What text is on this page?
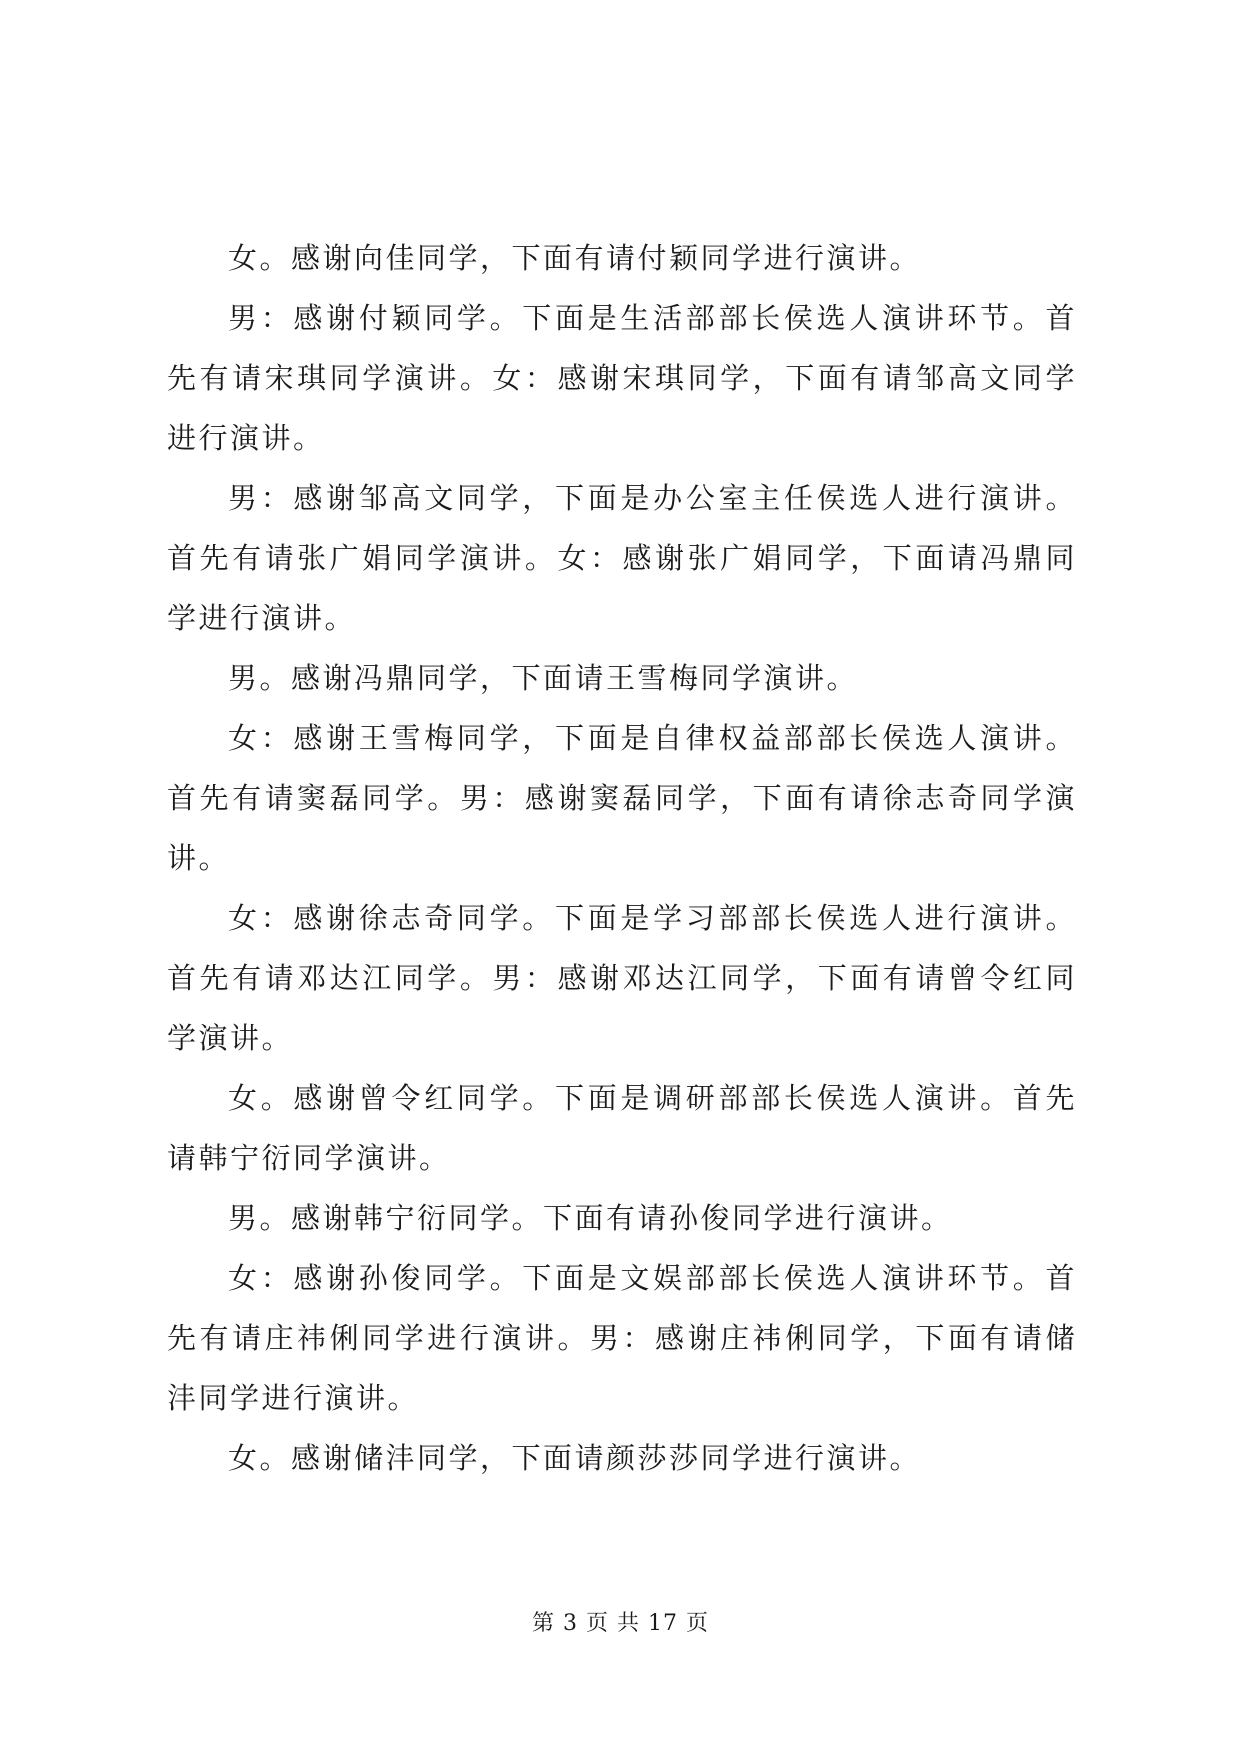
女。感谢向佳同学，下面有请付颖同学进行演讲。

男：感谢付颖同学。下面是生活部部长侯选人演讲环节。首先有请宋琪同学演讲。女：感谢宋琪同学，下面有请邹高文同学进行演讲。

男：感谢邹高文同学，下面是办公室主任侯选人进行演讲。首先有请张广娟同学演讲。女：感谢张广娟同学，下面请冯鼎同学进行演讲。

男。感谢冯鼎同学，下面请王雪梅同学演讲。

女：感谢王雪梅同学，下面是自律权益部部长侯选人演讲。首先有请窦磊同学。男：感谢窦磊同学，下面有请徐志奇同学演讲。

女：感谢徐志奇同学。下面是学习部部长侯选人进行演讲。首先有请邓达江同学。男：感谢邓达江同学，下面有请曾令红同学演讲。

女。感谢曾令红同学。下面是调研部部长侯选人演讲。首先请韩宁衍同学演讲。

男。感谢韩宁衍同学。下面有请孙俊同学进行演讲。

女：感谢孙俊同学。下面是文娱部部长侯选人演讲环节。首先有请庄祎俐同学进行演讲。男：感谢庄祎俐同学，下面有请储沣同学进行演讲。

女。感谢储沣同学，下面请颜莎莎同学进行演讲。

第 3 页 共 17 页
